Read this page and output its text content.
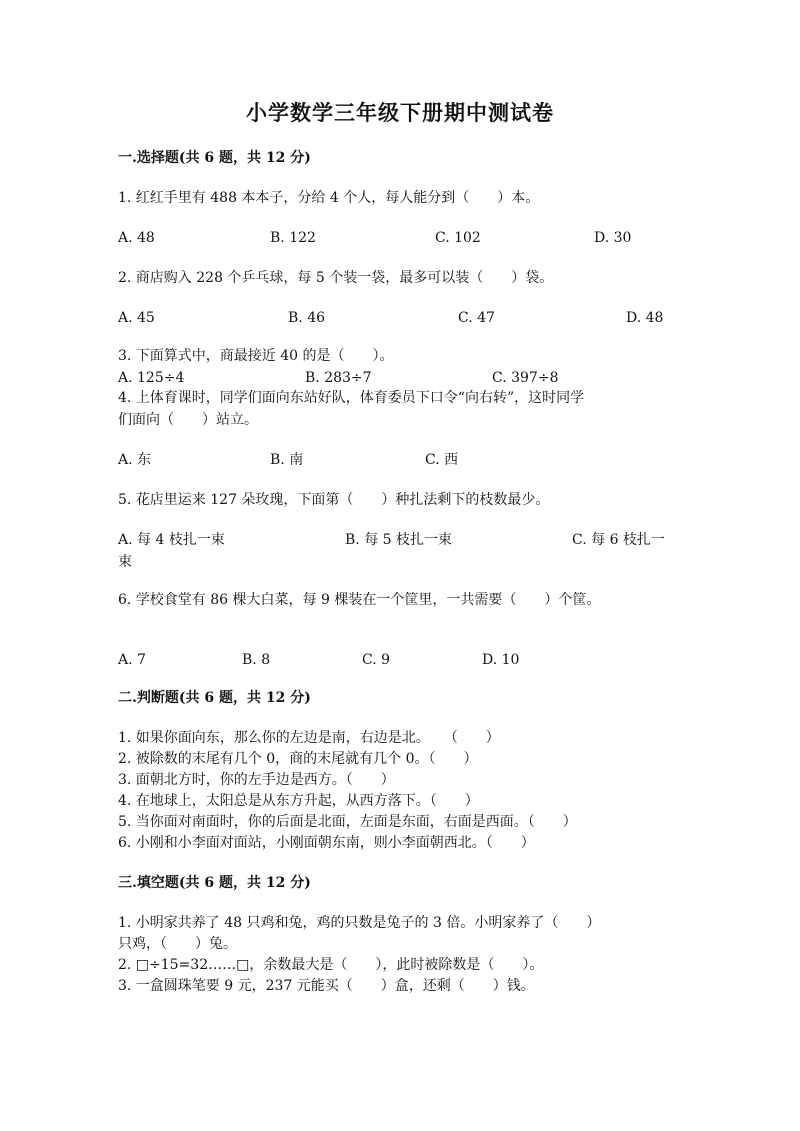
小学数学三年级下册期中测试卷
一.选择题(共 6 题，共 12 分)
1. 红红手里有 488 本本子，分给 4 个人，每人能分到（　　）本。
A. 48	B. 122	C. 102	D. 30
2. 商店购入 228 个乒乓球，每 5 个装一袋，最多可以装（　　）袋。
A. 45	B. 46	C. 47	D. 48
3. 下面算式中，商最接近 40 的是（　　）。
A. 125÷4	B. 283÷7	C. 397÷8
4. 上体育课时，同学们面向东站好队，体育委员下口令“向右转”，这时同学
们面向（　　）站立。
A. 东	B. 南	C. 西
5. 花店里运来 127 朵玫瑰，下面第（　　）种扎法剩下的枝数最少。
A. 每 4 枝扎一束	B. 每 5 枝扎一束	C. 每 6 枝扎一
束
6. 学校食堂有 86 棵大白菜，每 9 棵装在一个筐里，一共需要（　　）个筐。
A. 7	B. 8	C. 9	D. 10
二.判断题(共 6 题，共 12 分)
1. 如果你面向东，那么你的左边是南，右边是北。　　（　　）
2. 被除数的末尾有几个 0，商的末尾就有几个 0。（　　）
3. 面朝北方时，你的左手边是西方。（　　）
4. 在地球上，太阳总是从东方升起，从西方落下。（　　）
5. 当你面对南面时，你的后面是北面，左面是东面，右面是西面。（　　）
6. 小刚和小李面对面站，小刚面朝东南，则小李面朝西北。（　　）
三.填空题(共 6 题，共 12 分)
1. 小明家共养了 48 只鸡和兔，鸡的只数是兔子的 3 倍。小明家养了（　　）
只鸡，（　　）兔。
2. □÷15=32……□，余数最大是（　　），此时被除数是（　　）。
3. 一盒圆珠笔要 9 元，237 元能买（　　）盒，还剩（　　）钱。
